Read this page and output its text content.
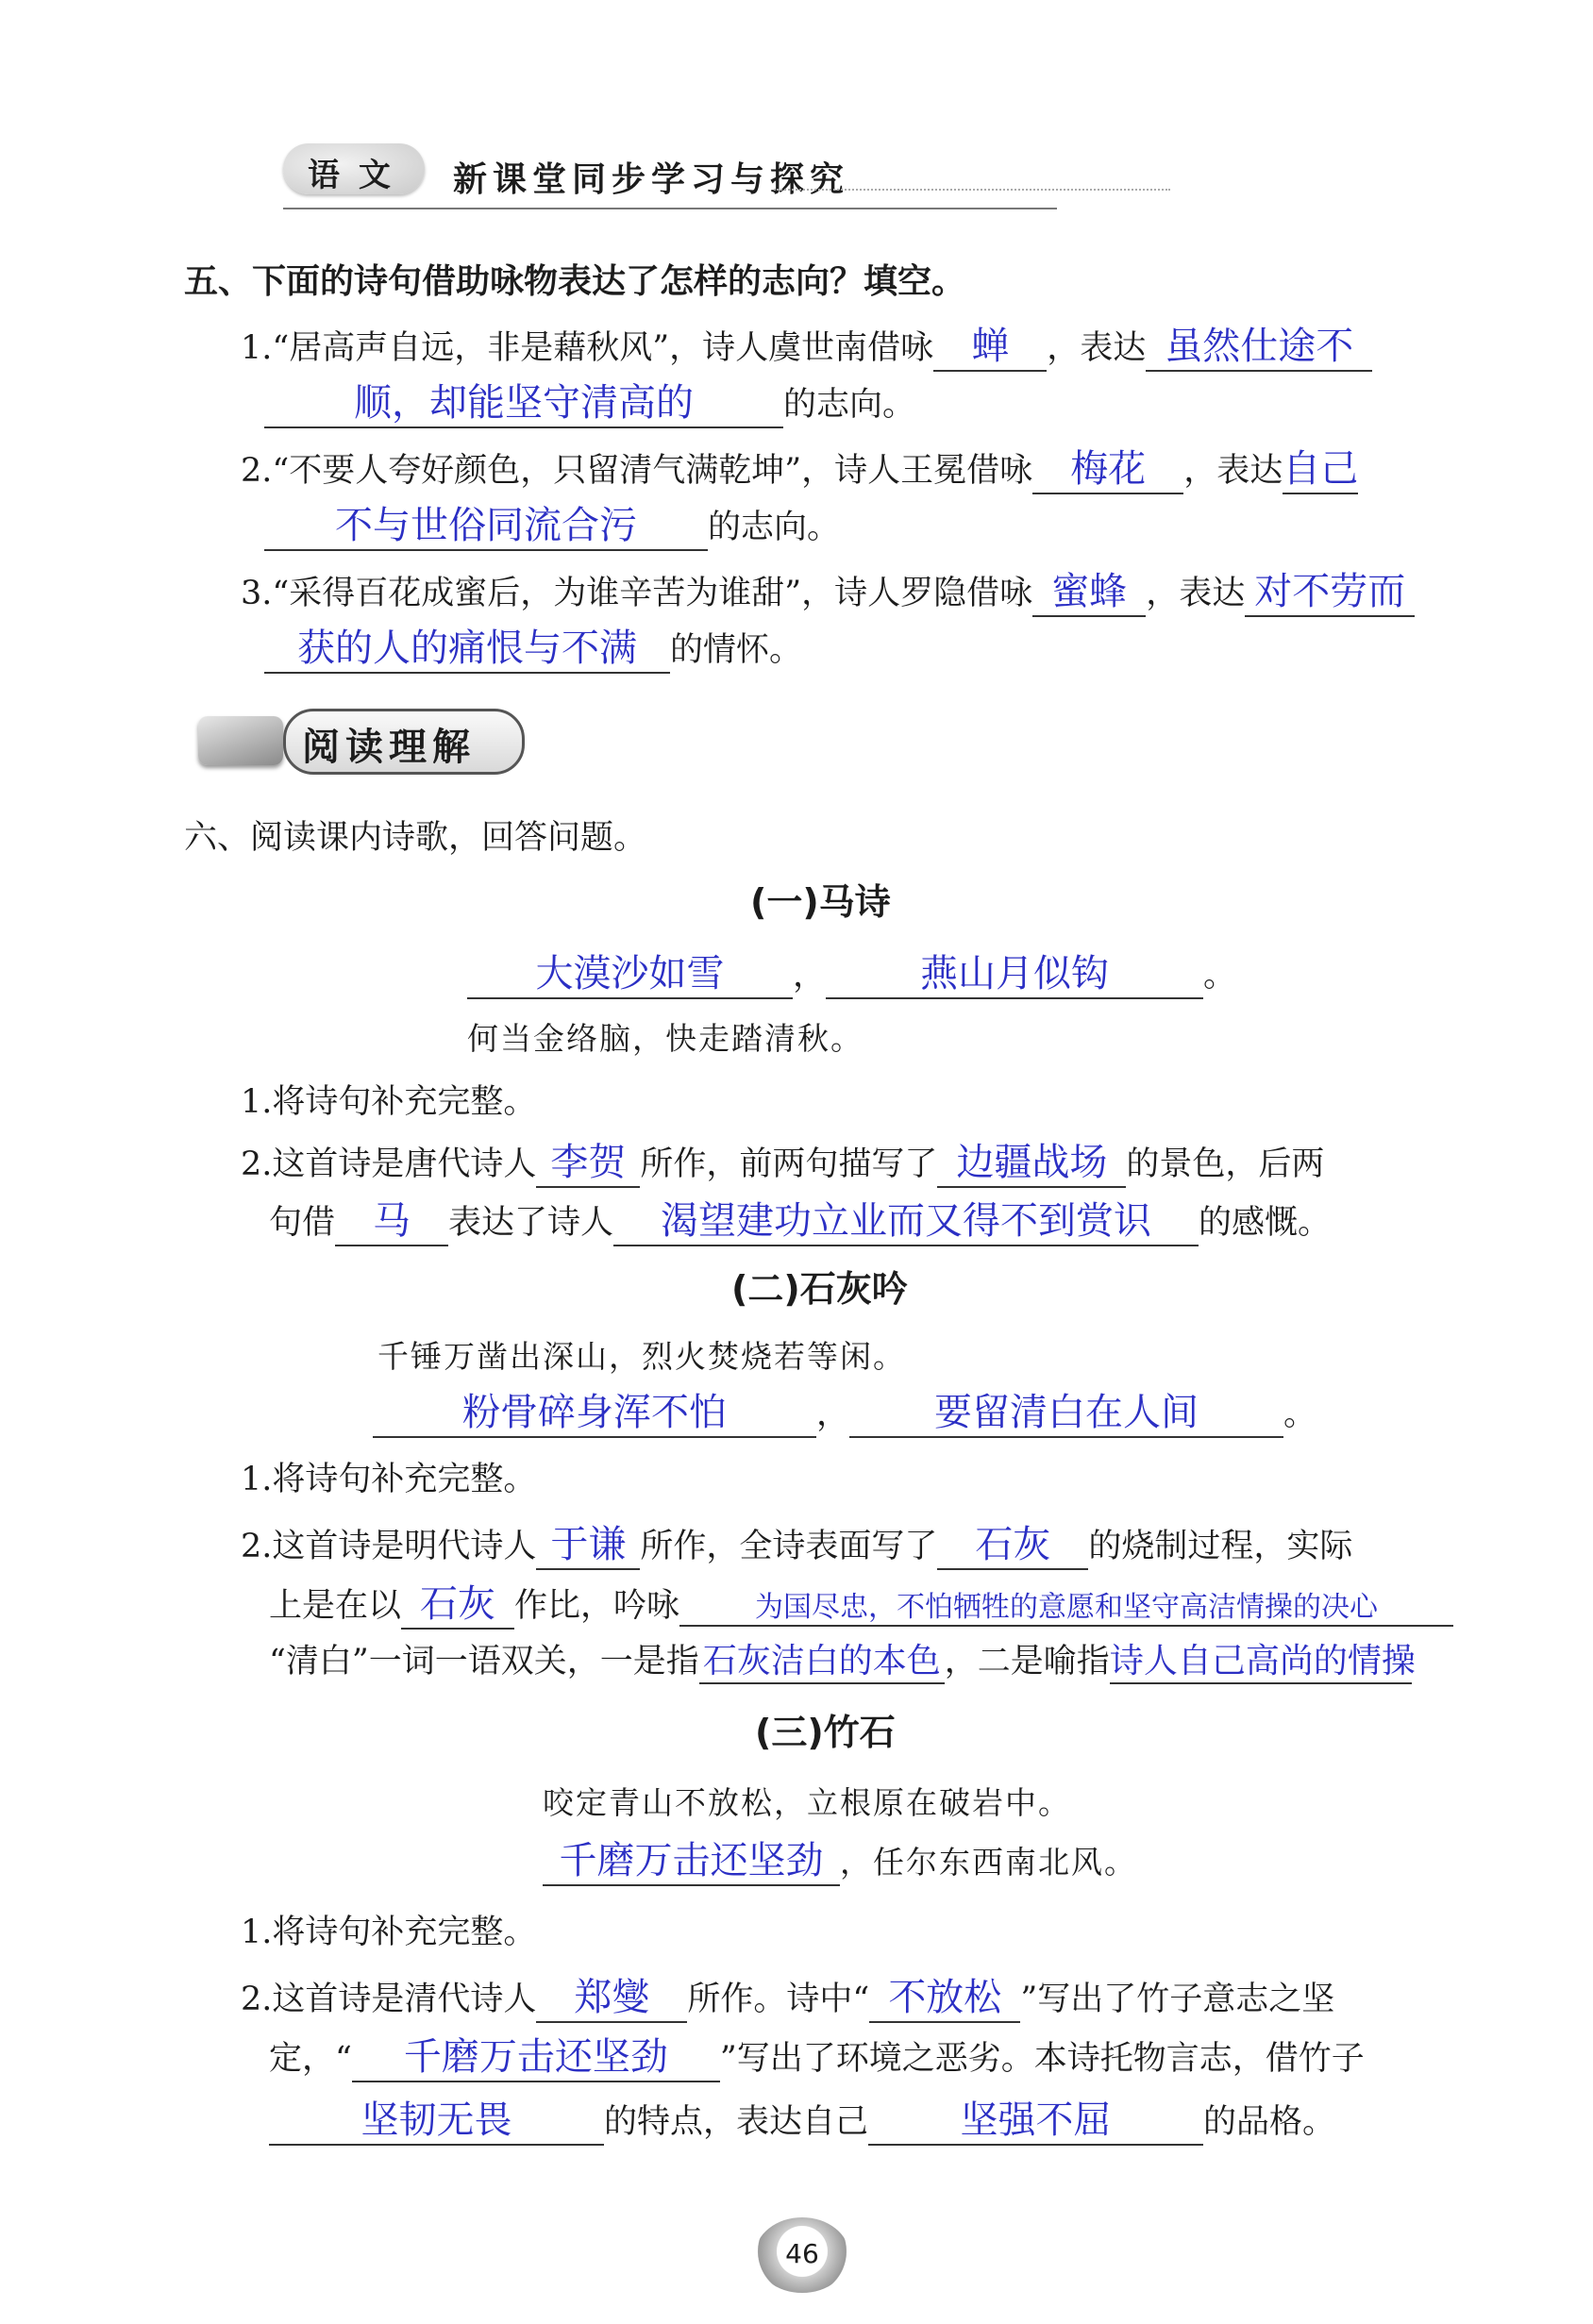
语 文 新课堂同步学习与探究
五、下面的诗句借助咏物表达了怎样的志向？填空。
1.“居高声自远，非是藉秋风”，诗人虞世南借咏 蝉 ，表达 虽然仕途不
顺，却能坚守清高的	的志向。
2.“不要人夸好颜色，只留清气满乾坤”，诗人王冕借咏 梅花 ，表达自己
不与世俗同流合污 的志向。
3.“采得百花成蜜后，为谁辛苦为谁甜”，诗人罗隐借咏 蜜蜂 ，表达 对不劳而
获的人的痛恨与不满 的情怀。
阅读理解
六、阅读课内诗歌，回答问题。
(一)马诗
大漠沙如雪 ，	燕山月似钩	。
何当金络脑，快走踏清秋。
1.将诗句补充完整。
2.这首诗是唐代诗人 李贺 所作，前两句描写了 边疆战场 的景色，后两
句借 马 表达了诗人 渴望建功立业而又得不到赏识 的感慨。
(二)石灰吟
千锤万凿出深山，烈火焚烧若等闲。
粉骨碎身浑不怕	， 要留清白在人间	。
1.将诗句补充完整。
2.这首诗是明代诗人 于谦 所作，全诗表面写了 石灰 的烧制过程，实际
上是在以 石灰 作比，吟咏	为国尽忠，不怕牺牲的意愿和坚守高洁情操的决心
“清白”一词一语双关，一是指 石灰洁白的本色 ，二是喻指诗人自己高尚的情操
(三)竹石
咬定青山不放松，立根原在破岩中。
千磨万击还坚劲 ，任尔东西南北风。
1.将诗句补充完整。
2.这首诗是清代诗人 郑燮 所作。诗中“ 不放松 ”写出了竹子意志之坚
定，“ 千磨万击还坚劲 ”写出了环境之恶劣。本诗托物言志，借竹子
坚韧无畏	的特点，表达自己 坚强不屈	的品格。
46
